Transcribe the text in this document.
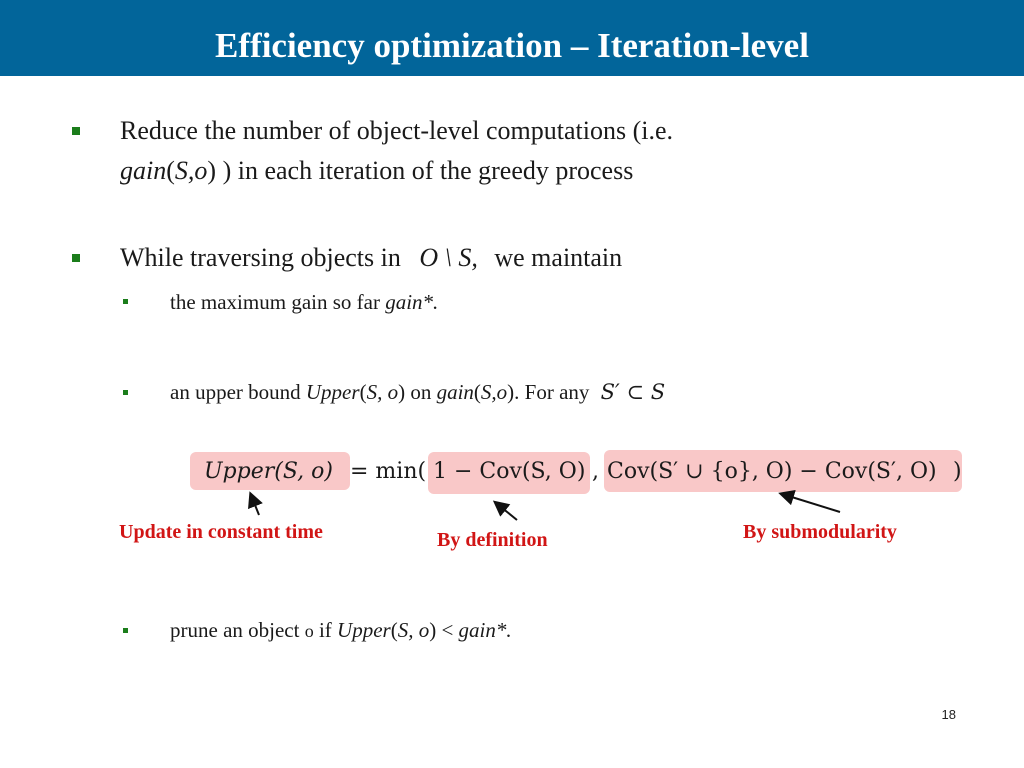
Efficiency optimization – Iteration-level
Reduce the number of object-level computations (i.e.
gain(S,o) ) in each iteration of the greedy process
While traversing objects in O \ S, we maintain
the maximum gain so far gain*.
an upper bound Upper(S, o) on gain(S,o). For any S′ ⊂ S
Upper(S, o) = min( 1 − Cov(S, O) , Cov(S′ ∪ {o}, O) − Cov(S′, O) )
Update in constant time	By definition	By submodularity
prune an object o if Upper(S, o) < gain*.
18
